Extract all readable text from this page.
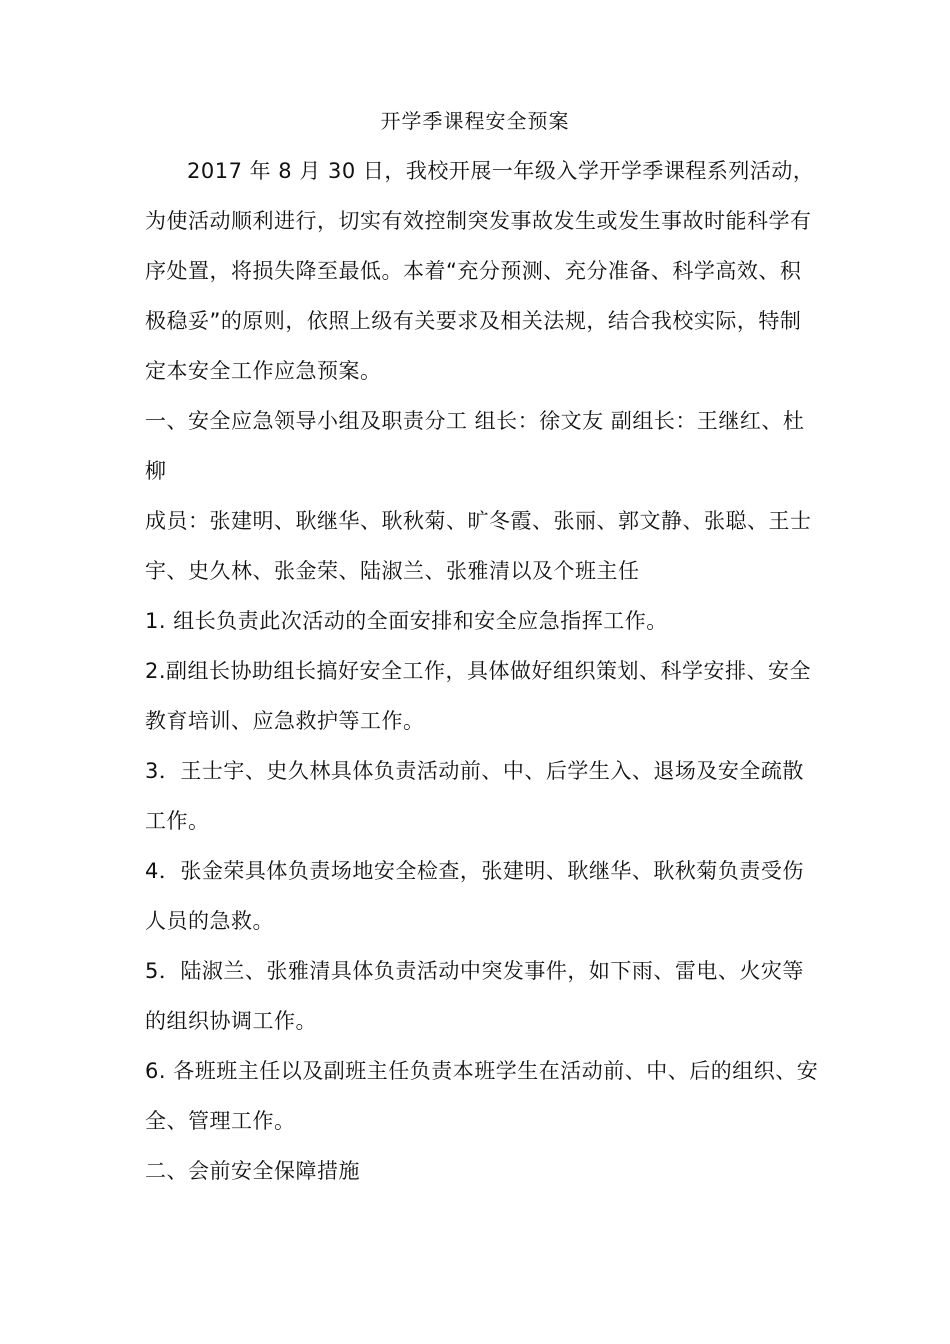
开学季课程安全预案

2017 年 8 月 30 日，我校开展一年级入学开学季课程系列活动，为使活动顺利进行，切实有效控制突发事故发生或发生事故时能科学有序处置，将损失降至最低。本着“充分预测、充分准备、科学高效、积极稳妥”的原则，依照上级有关要求及相关法规，结合我校实际，特制定本安全工作应急预案。

一、安全应急领导小组及职责分工 组长：徐文友 副组长：王继红、杜柳

成员：张建明、耿继华、耿秋菊、旷冬霞、张丽、郭文静、张聪、王士宇、史久林、张金荣、陆淑兰、张雅清以及个班主任

1. 组长负责此次活动的全面安排和安全应急指挥工作。

2.副组长协助组长搞好安全工作，具体做好组织策划、科学安排、安全教育培训、应急救护等工作。

3．王士宇、史久林具体负责活动前、中、后学生入、退场及安全疏散工作。

4．张金荣具体负责场地安全检查，张建明、耿继华、耿秋菊负责受伤人员的急救。

5．陆淑兰、张雅清具体负责活动中突发事件，如下雨、雷电、火灾等的组织协调工作。

6. 各班班主任以及副班主任负责本班学生在活动前、中、后的组织、安全、管理工作。

二、会前安全保障措施
